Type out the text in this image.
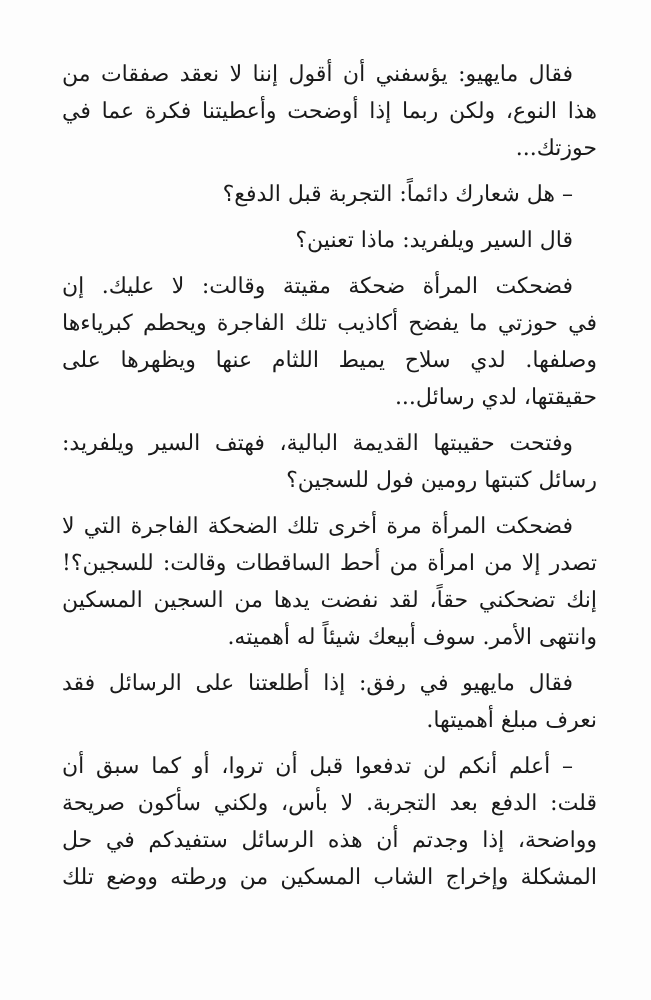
فقال مايهيو: يؤسفني أن أقول إننا لا نعقد صفقات من
هذا النوع، ولكن ربما إذا أوضحت وأعطيتنا فكرة عما في
حوزتك...

– هل شعارك دائماً: التجربة قبل الدفع؟

قال السير ويلفريد: ماذا تعنين؟

فضحكت المرأة ضحكة مقيتة وقالت: لا عليك. إن
في حوزتي ما يفضح أكاذيب تلك الفاجرة ويحطم كبرياءها
وصلفها. لدي سلاح يميط اللثام عنها ويظهرها على
حقيقتها، لدي رسائل...

وفتحت حقيبتها القديمة البالية، فهتف السير ويلفريد:
رسائل كتبتها رومين فول للسجين؟

فضحكت المرأة مرة أخرى تلك الضحكة الفاجرة التي لا
تصدر إلا من امرأة من أحط الساقطات وقالت: للسجين؟!
إنك تضحكني حقاً، لقد نفضت يدها من السجين المسكين
وانتهى الأمر. سوف أبيعك شيئاً له أهميته.

فقال مايهيو في رفق: إذا أطلعتنا على الرسائل فقد
نعرف مبلغ أهميتها.

– أعلم أنكم لن تدفعوا قبل أن تروا، أو كما سبق أن
قلت: الدفع بعد التجربة. لا بأس، ولكني سأكون صريحة
وواضحة، إذا وجدتم أن هذه الرسائل ستفيدكم في حل
المشكلة وإخراج الشاب المسكين من ورطته ووضع تلك
